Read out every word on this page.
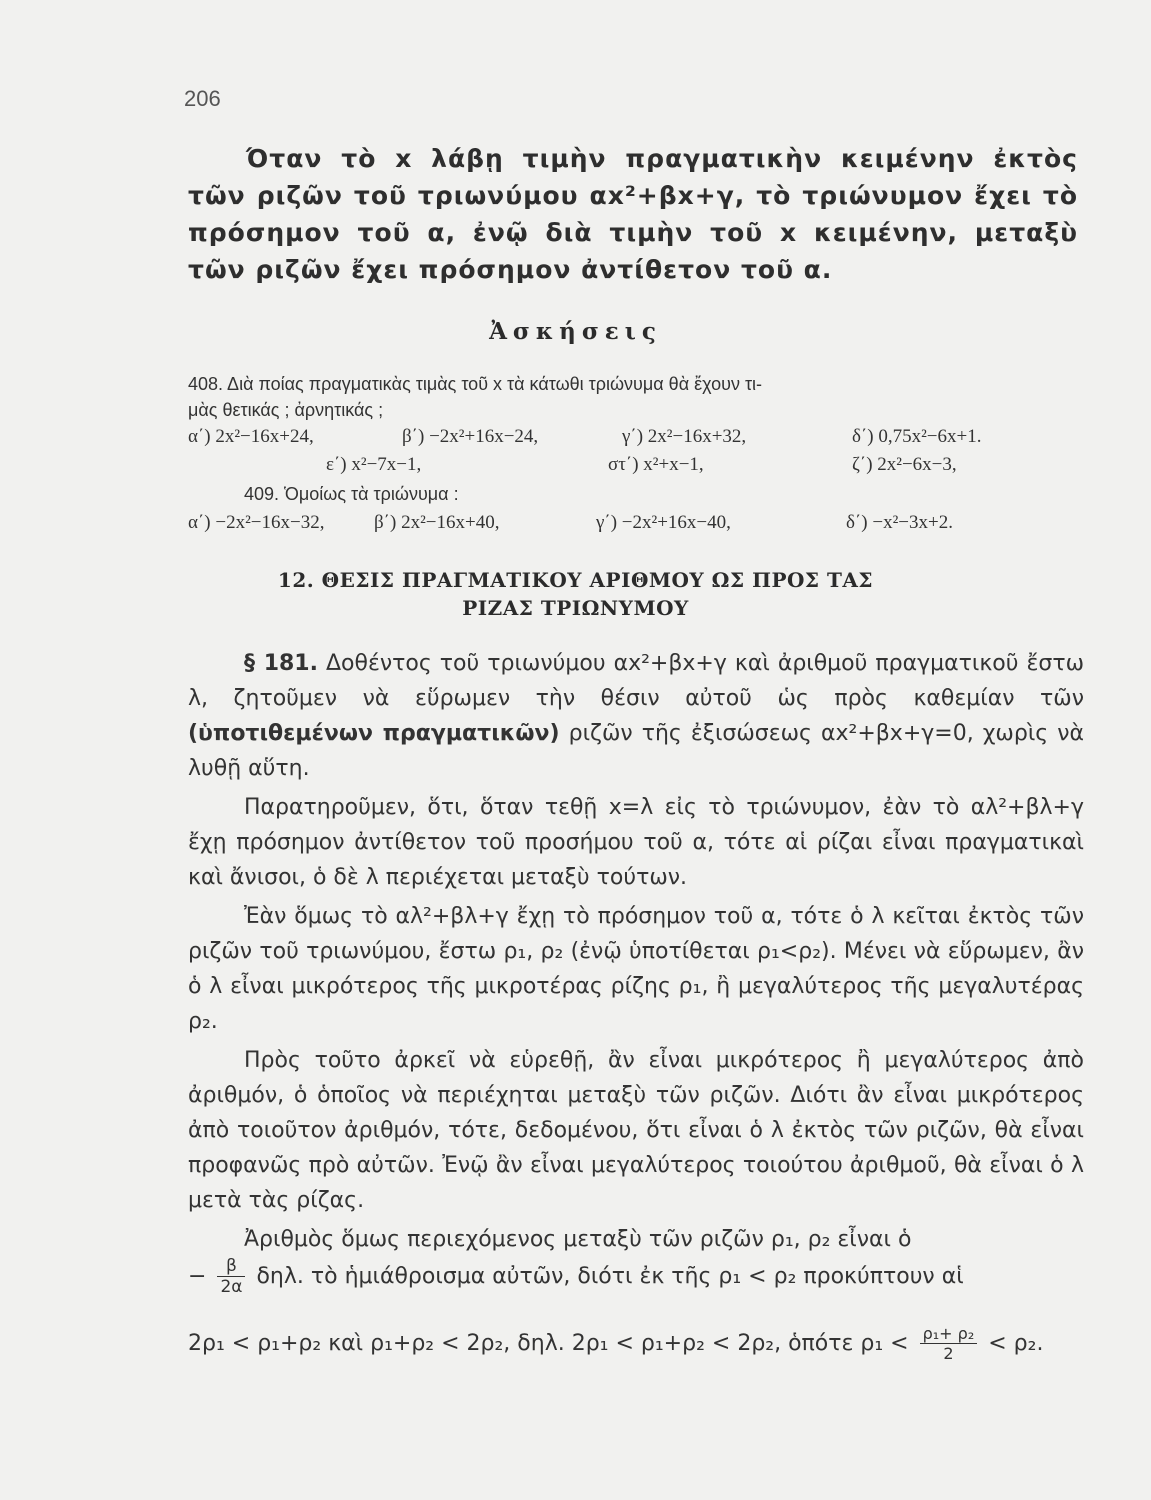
206

Όταν τὸ x λάβῃ τιμὴν πραγματικὴν κειμένην ἐκτὸς τῶν ριζῶν τοῦ τριωνύμου αx²+βx+γ, τὸ τριώνυμον ἔχει τὸ πρόσημον τοῦ α, ἐνῷ διὰ τιμὴν τοῦ x κειμένην, μεταξὺ τῶν ριζῶν ἔχει πρόσημον ἀντίθετον τοῦ α.

Ἀσκήσεις
408. Διὰ ποίας πραγματικὰς τιμὰς τοῦ x τὰ κάτωθι τριώνυμα θὰ ἔχουν τι-
μὰς θετικάς ; ἀρνητικάς ;
α΄) 2x²−16x+24,	β΄) −2x²+16x−24,	γ΄) 2x²−16x+32,	δ΄) 0,75x²−6x+1.
ε΄) x²−7x−1,	στ΄) x²+x−1,	ζ΄) 2x²−6x−3,
409. Ὁμοίως τὰ τριώνυμα :
α΄) −2x²−16x−32,	β΄) 2x²−16x+40,	γ΄) −2x²+16x−40,	δ΄) −x²−3x+2.
12. ΘΕΣΙΣ ΠΡΑΓΜΑΤΙΚΟΥ ΑΡΙΘΜΟΥ ΩΣ ΠΡΟΣ ΤΑΣ
ΡΙΖΑΣ ΤΡΙΩΝΥΜΟΥ

§ 181. Δοθέντος τοῦ τριωνύμου αx²+βx+γ καὶ ἀριθμοῦ πραγματικοῦ ἔστω λ, ζητοῦμεν νὰ εὕρωμεν τὴν θέσιν αὐτοῦ ὡς πρὸς καθεμίαν τῶν (ὑποτιθεμένων πραγματικῶν) ριζῶν τῆς ἐξισώσεως αx²+βx+γ=0, χωρὶς νὰ λυθῇ αὕτη.

Παρατηροῦμεν, ὅτι, ὅταν τεθῇ x=λ εἰς τὸ τριώνυμον, ἐὰν τὸ αλ²+βλ+γ ἔχῃ πρόσημον ἀντίθετον τοῦ προσήμου τοῦ α, τότε αἱ ρίζαι εἶναι πραγματικαὶ καὶ ἄνισοι, ὁ δὲ λ περιέχεται μεταξὺ τούτων.

Ἐὰν ὅμως τὸ αλ²+βλ+γ ἔχῃ τὸ πρόσημον τοῦ α, τότε ὁ λ κεῖται ἐκτὸς τῶν ριζῶν τοῦ τριωνύμου, ἔστω ρ₁, ρ₂ (ἐνῷ ὑποτίθεται ρ₁<ρ₂). Μένει νὰ εὕρωμεν, ἂν ὁ λ εἶναι μικρότερος τῆς μικροτέρας ρίζης ρ₁, ἢ μεγαλύτερος τῆς μεγαλυτέρας ρ₂.

Πρὸς τοῦτο ἀρκεῖ νὰ εὑρεθῇ, ἂν εἶναι μικρότερος ἢ μεγαλύτερος ἀπὸ ἀριθμόν, ὁ ὁποῖος νὰ περιέχηται μεταξὺ τῶν ριζῶν. Διότι ἂν εἶναι μικρότερος ἀπὸ τοιοῦτον ἀριθμόν, τότε, δεδομένου, ὅτι εἶναι ὁ λ ἐκτὸς τῶν ριζῶν, θὰ εἶναι προφανῶς πρὸ αὐτῶν. Ἐνῷ ἂν εἶναι μεγαλύτερος τοιούτου ἀριθμοῦ, θὰ εἶναι ὁ λ μετὰ τὰς ρίζας.

Ἀριθμὸς ὅμως περιεχόμενος μεταξὺ τῶν ριζῶν ρ₁, ρ₂ εἶναι ὁ

− $\frac{\beta}{2\alpha} \delta\eta\lambda$. τὸ ἡμιάθροισμα αὐτῶν, διότι ἐκ τῆς ρ₁ < ρ₂ προκύπτουν αἱ
2ρ₁ < ρ₁+ρ₂ καὶ ρ₁+ρ₂ < 2ρ₂, δηλ. 2ρ₁ < ρ₁+ρ₂ < 2ρ₂, ὁπότε $\rho_1 < \frac{\text{ρ₁+ ρ₂}}{2} < \rho_2$.
